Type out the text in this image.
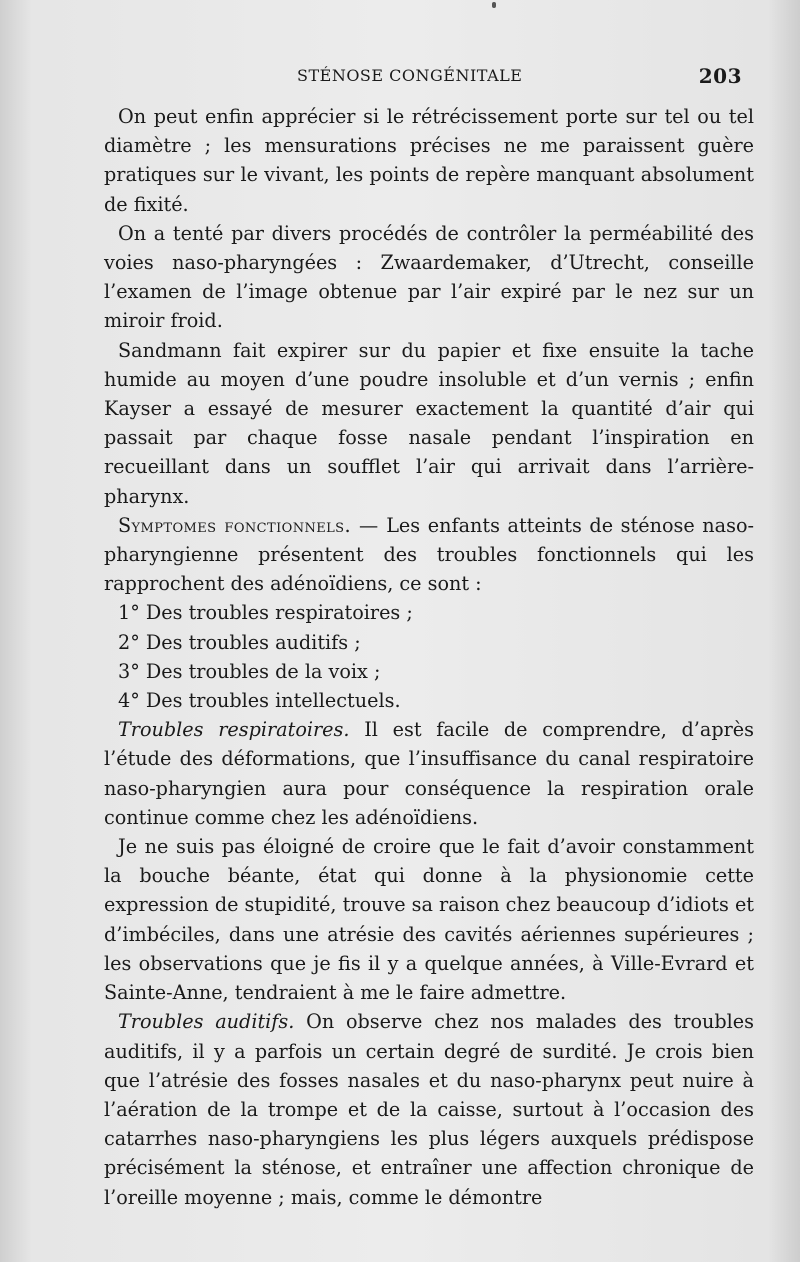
STÉNOSE CONGÉNITALE	203

On peut enfin apprécier si le rétrécissement porte sur tel ou tel diamètre ; les mensurations précises ne me paraissent guère pratiques sur le vivant, les points de repère manquant absolument de fixité.

On a tenté par divers procédés de contrôler la perméabilité des voies naso-pharyngées : Zwaardemaker, d’Utrecht, conseille l’examen de l’image obtenue par l’air expiré par le nez sur un miroir froid.

Sandmann fait expirer sur du papier et fixe ensuite la tache humide au moyen d’une poudre insoluble et d’un vernis ; enfin Kayser a essayé de mesurer exactement la quantité d’air qui passait par chaque fosse nasale pendant l’inspiration en recueillant dans un soufflet l’air qui arrivait dans l’arrière-pharynx.

Symptomes fonctionnels. — Les enfants atteints de sténose naso-pharyngienne présentent des troubles fonctionnels qui les rapprochent des adénoïdiens, ce sont :

1° Des troubles respiratoires ;
2° Des troubles auditifs ;
3° Des troubles de la voix ;
4° Des troubles intellectuels.

Troubles respiratoires. Il est facile de comprendre, d’après l’étude des déformations, que l’insuffisance du canal respiratoire naso-pharyngien aura pour conséquence la respiration orale continue comme chez les adénoïdiens.

Je ne suis pas éloigné de croire que le fait d’avoir constamment la bouche béante, état qui donne à la physionomie cette expression de stupidité, trouve sa raison chez beaucoup d’idiots et d’imbéciles, dans une atrésie des cavités aériennes supérieures ; les observations que je fis il y a quelque années, à Ville-Evrard et Sainte-Anne, tendraient à me le faire admettre.

Troubles auditifs. On observe chez nos malades des troubles auditifs, il y a parfois un certain degré de surdité. Je crois bien que l’atrésie des fosses nasales et du naso-pharynx peut nuire à l’aération de la trompe et de la caisse, surtout à l’occasion des catarrhes naso-pharyngiens les plus légers auxquels prédispose précisément la sténose, et entraîner une affection chronique de l’oreille moyenne ; mais, comme le démontre
